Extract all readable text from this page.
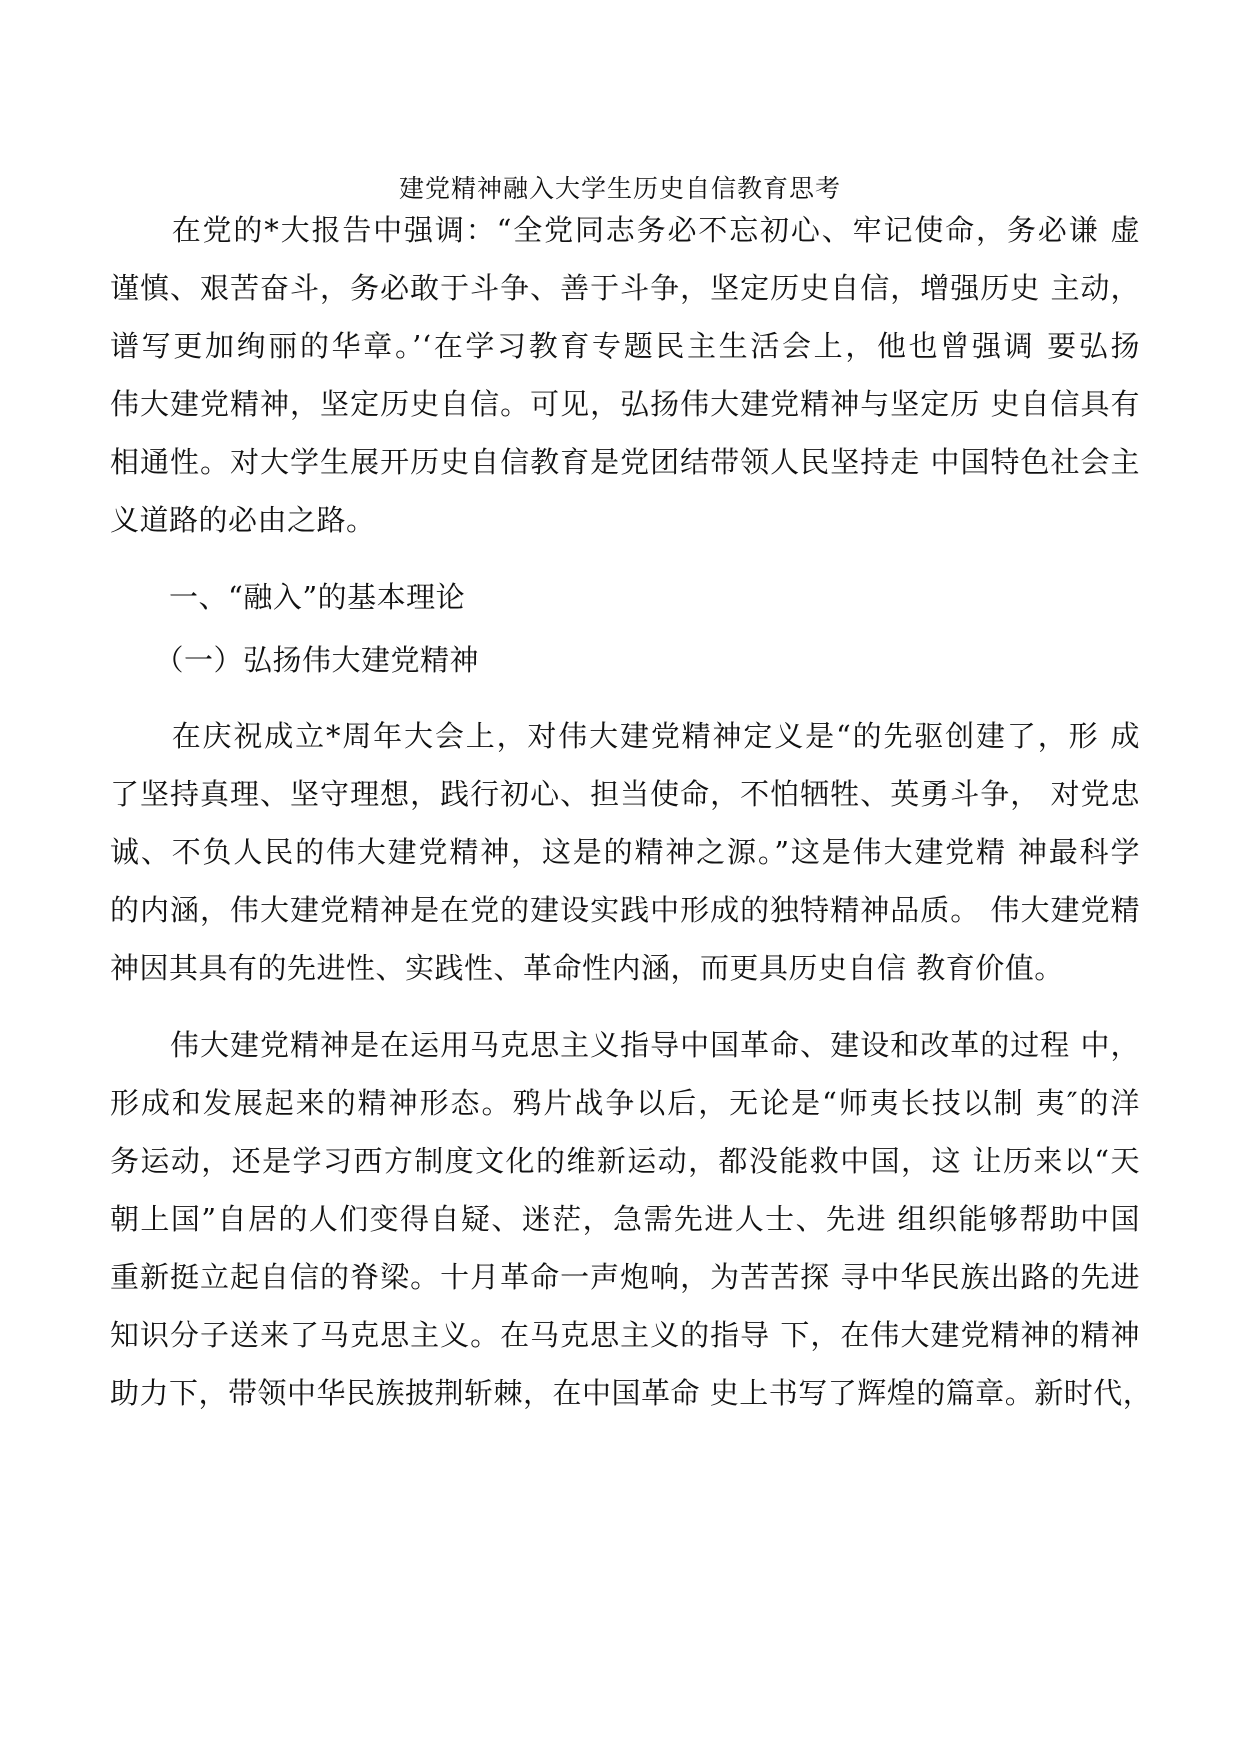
建党精神融入大学生历史自信教育思考
　　在党的*大报告中强调：“全党同志务必不忘初心、牢记使命，务必谦 虚
谨慎、艰苦奋斗，务必敢于斗争、善于斗争，坚定历史自信，增强历史 主动，
谱写更加绚丽的华章。’‘在学习教育专题民主生活会上，他也曾强调 要弘扬
伟大建党精神，坚定历史自信。可见，弘扬伟大建党精神与坚定历 史自信具有
相通性。对大学生展开历史自信教育是党团结带领人民坚持走 中国特色社会主
义道路的必由之路。
　　一、“融入”的基本理论
　　（一）弘扬伟大建党精神
　　在庆祝成立*周年大会上，对伟大建党精神定义是“的先驱创建了，形 成
了坚持真理、坚守理想，践行初心、担当使命，不怕牺牲、英勇斗争， 对党忠
诚、不负人民的伟大建党精神，这是的精神之源。”这是伟大建党精 神最科学
的内涵，伟大建党精神是在党的建设实践中形成的独特精神品质。 伟大建党精
神因其具有的先进性、实践性、革命性内涵，而更具历史自信 教育价值。
　　伟大建党精神是在运用马克思主义指导中国革命、建设和改革的过程 中，
形成和发展起来的精神形态。鸦片战争以后，无论是“师夷长技以制 夷″的洋
务运动，还是学习西方制度文化的维新运动，都没能救中国，这 让历来以“天
朝上国”自居的人们变得自疑、迷茫，急需先进人士、先进 组织能够帮助中国
重新挺立起自信的脊梁。十月革命一声炮响，为苦苦探 寻中华民族出路的先进
知识分子送来了马克思主义。在马克思主义的指导 下，在伟大建党精神的精神
助力下，带领中华民族披荆斩棘，在中国革命 史上书写了辉煌的篇章。新时代，
